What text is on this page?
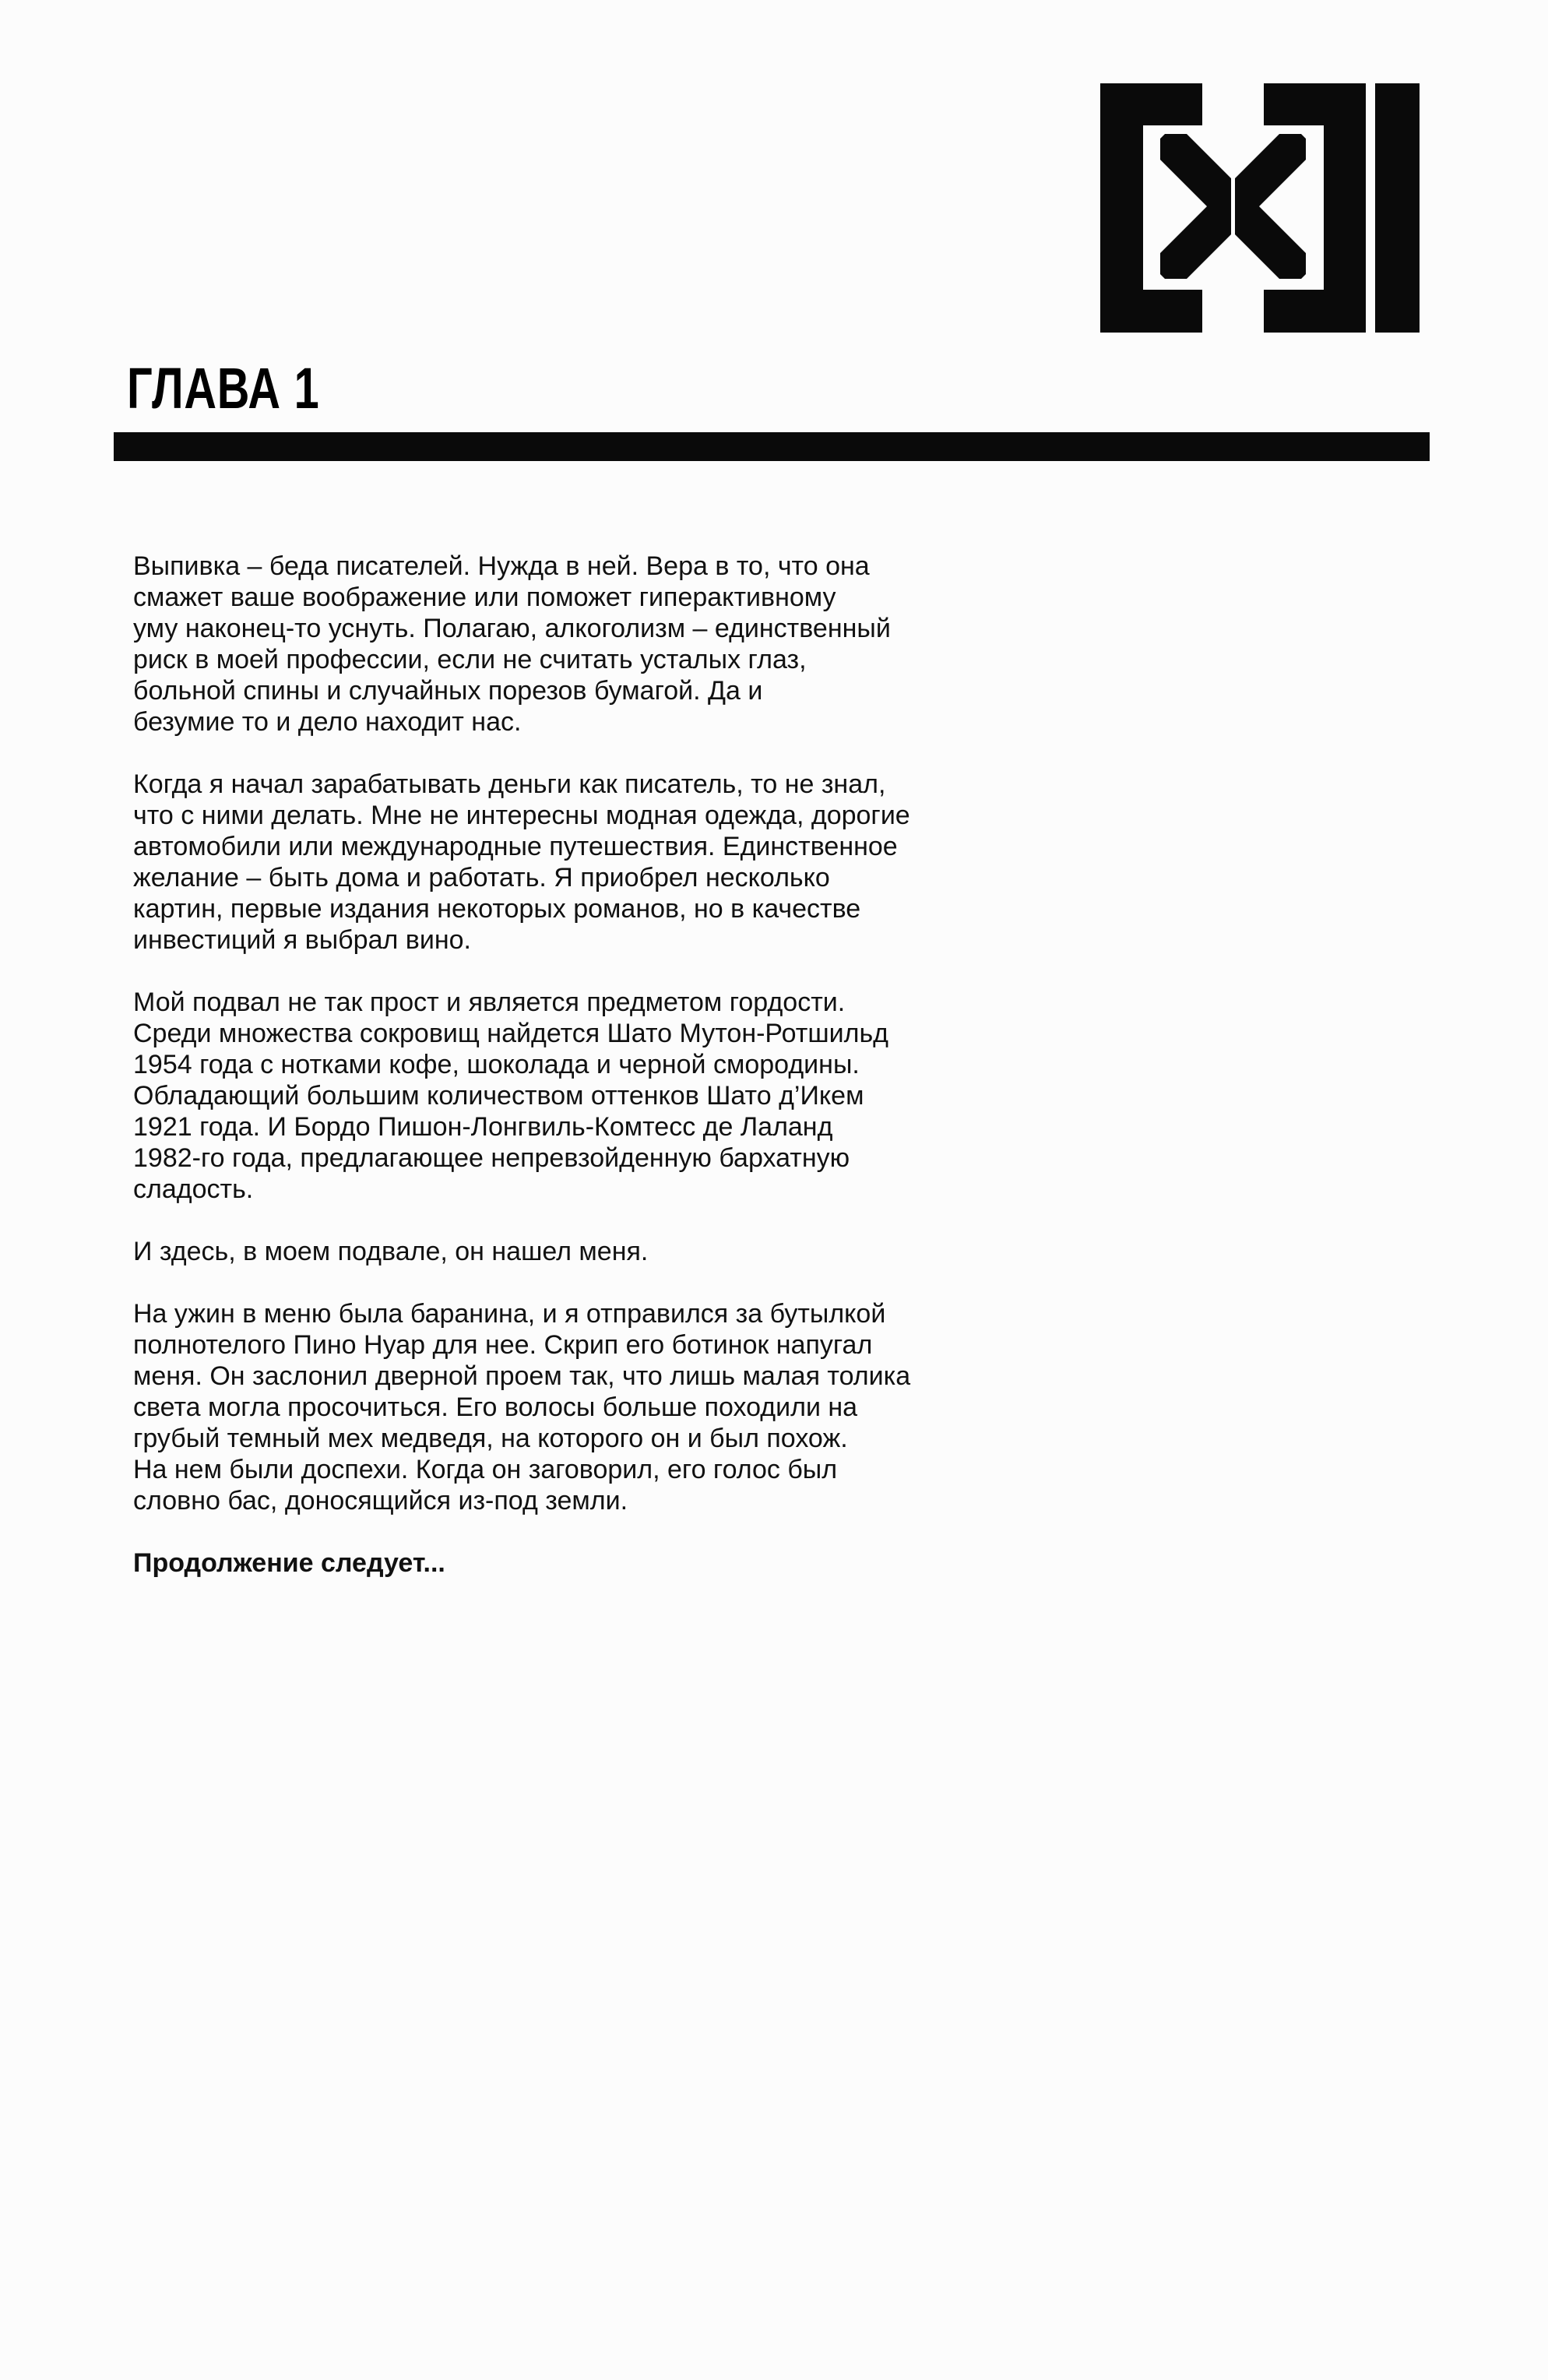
ГЛАВА 1
Выпивка – беда писателей. Нужда в ней. Вера в то, что она
смажет ваше воображение или поможет гиперактивному
уму наконец-то уснуть. Полагаю, алкоголизм – единственный
риск в моей профессии, если не считать усталых глаз,
больной спины и случайных порезов бумагой. Да и
безумие то и дело находит нас.
Когда я начал зарабатывать деньги как писатель, то не знал,
что с ними делать. Мне не интересны модная одежда, дорогие
автомобили или международные путешествия. Единственное
желание – быть дома и работать. Я приобрел несколько
картин, первые издания некоторых романов, но в качестве
инвестиций я выбрал вино.
Мой подвал не так прост и является предметом гордости.
Среди множества сокровищ найдется Шато Мутон-Ротшильд
1954 года с нотками кофе, шоколада и черной смородины.
Обладающий большим количеством оттенков Шато д’Икем
1921 года. И Бордо Пишон-Лонгвиль-Комтесс де Лаланд
1982-го года, предлагающее непревзойденную бархатную
сладость.
И здесь, в моем подвале, он нашел меня.
На ужин в меню была баранина, и я отправился за бутылкой
полнотелого Пино Нуар для нее. Скрип его ботинок напугал
меня. Он заслонил дверной проем так, что лишь малая толика
света могла просочиться. Его волосы больше походили на
грубый темный мех медведя, на которого он и был похож.
На нем были доспехи. Когда он заговорил, его голос был
словно бас, доносящийся из-под земли.
Продолжение следует...
